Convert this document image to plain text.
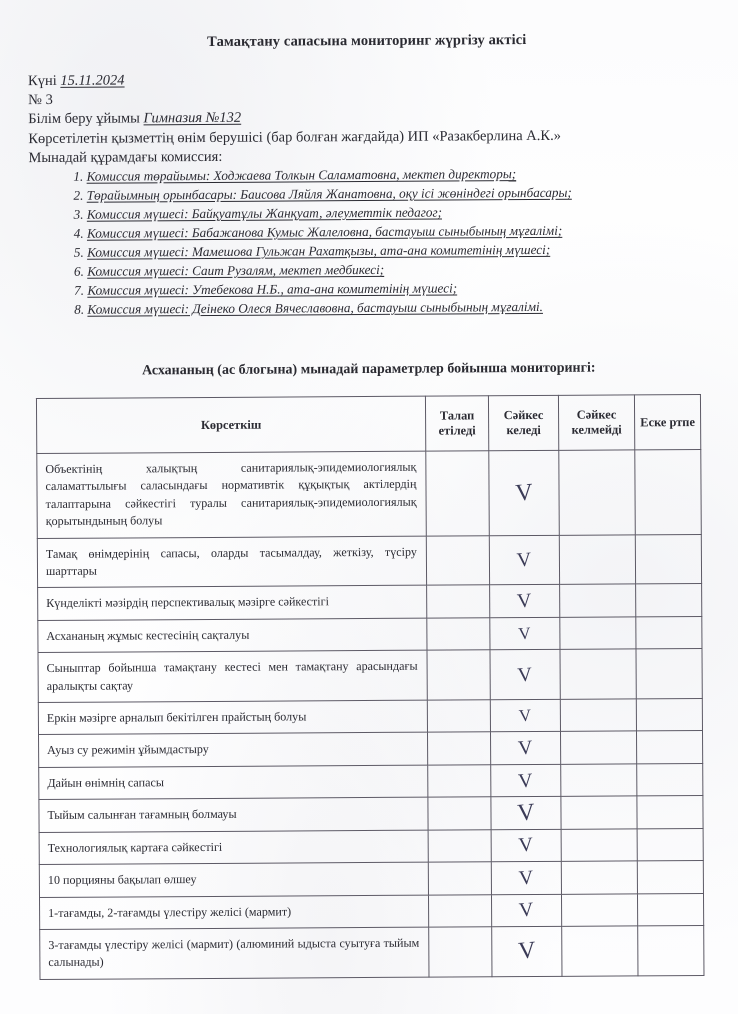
Тамақтану сапасына мониторинг жүргізу актісі
Күні 15.11.2024
№ 3
Білім беру ұйымы Гимназия №132
Көрсетілетін қызметтің өнім берушісі (бар болған жағдайда) ИП «Разакберлина А.К.»
Мынадай құрамдағы комиссия:
1. Комиссия төрайымы: Ходжаева Толкын Саламатовна, мектеп директоры;
2. Төрайымның орынбасары: Баисова Ляйля Жанатовна, оқу ісі жөніндегі орынбасары;
3. Комиссия мүшесі: Байқуатұлы Жанқуат, әлеуметтік педагог;
4. Комиссия мүшесі: Бабажанова Кумыс Жалеловна, бастауыш сыныбының мұғалімі;
5. Комиссия мүшесі: Мамешова Гульжан Рахатқызы, ата-ана комитетінің мүшесі;
6. Комиссия мүшесі: Саит Рузалям, мектеп медбикесі;
7. Комиссия мүшесі: Утебекова Н.Б., ата-ана комитетінің мүшесі;
8. Комиссия мүшесі: Деінеко Олеся Вячеславовна, бастауыш сыныбының мұғалімі.
Асхананың (ас блогына) мынадай параметрлер бойынша мониторингі:
Көрсеткіш	Талап етіледі	Сәйкес келеді	Сәйкес келмейді	Еске ртпе
Объектінің халықтың санитариялық-эпидемиологиялық саламаттылығы саласындағы нормативтік құқықтық актілердің талаптарына сәйкестігі туралы санитариялық-эпидемиологиялық қорытындының болуы		V		
Тамақ өнімдерінің сапасы, оларды тасымалдау, жеткізу, түсіру шарттары		V		
Күнделікті мәзірдің перспективалық мәзірге сәйкестігі		V		
Асхананың жұмыс кестесінің сақталуы		V		
Сыныптар бойынша тамақтану кестесі мен тамақтану арасындағы аралықты сақтау		V		
Еркін мәзірге арналып бекітілген прайстың болуы		V		
Ауыз су режимін ұйымдастыру		V		
Дайын өнімнің сапасы		V		
Тыйым салынған тағамның болмауы		V		
Технологиялық картаға сәйкестігі		V		
10 порцияны бақылап өлшеу		V		
1-тағамды, 2-тағамды үлестіру желісі (мармит)		V		
3-тағамды үлестіру желісі (мармит) (алюминий ыдыста суытуға тыйым салынады)		V		
